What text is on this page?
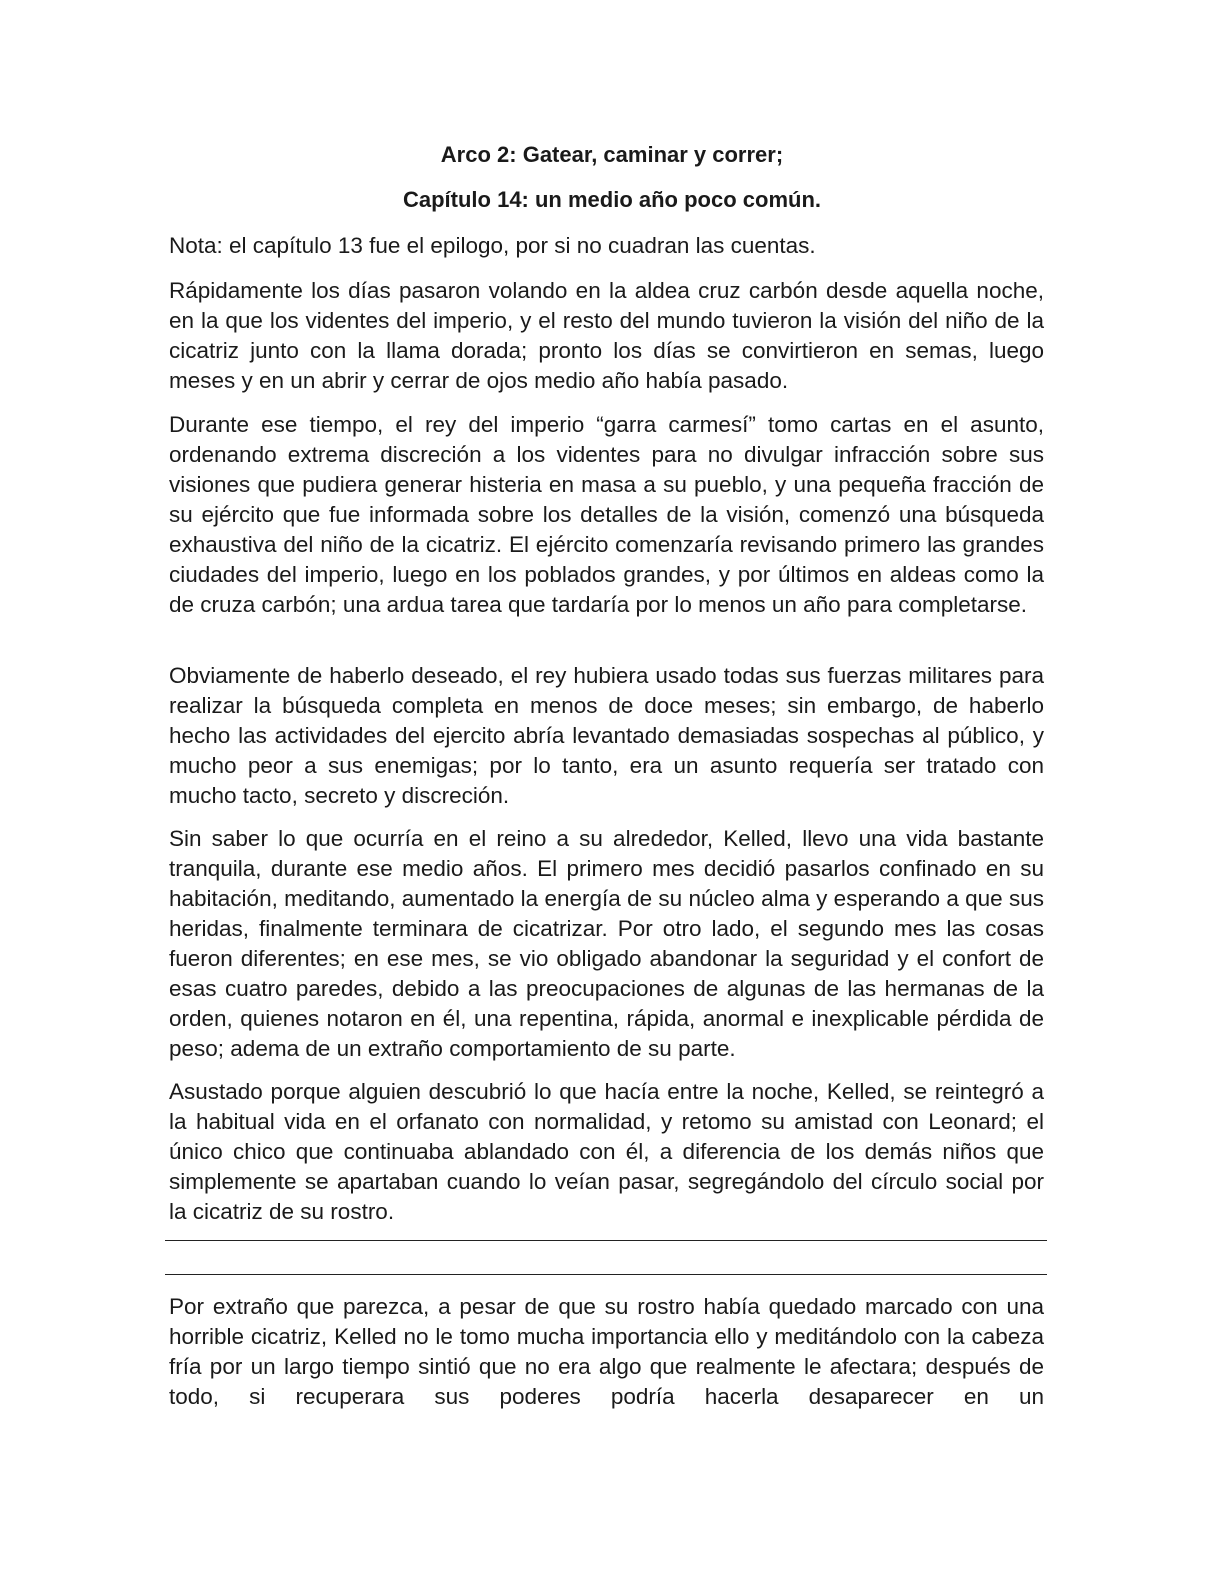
Arco 2: Gatear, caminar y correr;
Capítulo 14: un medio año poco común.

Nota: el capítulo 13 fue el epilogo, por si no cuadran las cuentas.

Rápidamente los días pasaron volando en la aldea cruz carbón desde aquella noche, en la que los videntes del imperio, y el resto del mundo tuvieron la visión del niño de la cicatriz junto con la llama dorada; pronto los días se convirtieron en semas, luego meses y en un abrir y cerrar de ojos medio año había pasado.

Durante ese tiempo, el rey del imperio “garra carmesí” tomo cartas en el asunto, ordenando extrema discreción a los videntes para no divulgar infracción sobre sus visiones que pudiera generar histeria en masa a su pueblo, y una pequeña fracción de su ejército que fue informada sobre los detalles de la visión, comenzó una búsqueda exhaustiva del niño de la cicatriz. El ejército comenzaría revisando primero las grandes ciudades del imperio, luego en los poblados grandes, y por últimos en aldeas como la de cruza carbón; una ardua tarea que tardaría por lo menos un año para completarse.

Obviamente de haberlo deseado, el rey hubiera usado todas sus fuerzas militares para realizar la búsqueda completa en menos de doce meses; sin embargo, de haberlo hecho las actividades del ejercito abría levantado demasiadas sospechas al público, y mucho peor a sus enemigas; por lo tanto, era un asunto requería ser tratado con mucho tacto, secreto y discreción.

Sin saber lo que ocurría en el reino a su alrededor, Kelled, llevo una vida bastante tranquila, durante ese medio años. El primero mes decidió pasarlos confinado en su habitación, meditando, aumentado la energía de su núcleo alma y esperando a que sus heridas, finalmente terminara de cicatrizar. Por otro lado, el segundo mes las cosas fueron diferentes; en ese mes, se vio obligado abandonar la seguridad y el confort de esas cuatro paredes, debido a las preocupaciones de algunas de las hermanas de la orden, quienes notaron en él, una repentina, rápida, anormal e inexplicable pérdida de peso; adema de un extraño comportamiento de su parte.

Asustado porque alguien descubrió lo que hacía entre la noche, Kelled, se reintegró a la habitual vida en el orfanato con normalidad, y retomo su amistad con Leonard; el único chico que continuaba ablandado con él, a diferencia de los demás niños que simplemente se apartaban cuando lo veían pasar, segregándolo del círculo social por la cicatriz de su rostro.

Por extraño que parezca, a pesar de que su rostro había quedado marcado con una horrible cicatriz, Kelled no le tomo mucha importancia ello y meditándolo con la cabeza fría por un largo tiempo sintió que no era algo que realmente le afectara; después de todo, si recuperara sus poderes podría hacerla desaparecer en un
